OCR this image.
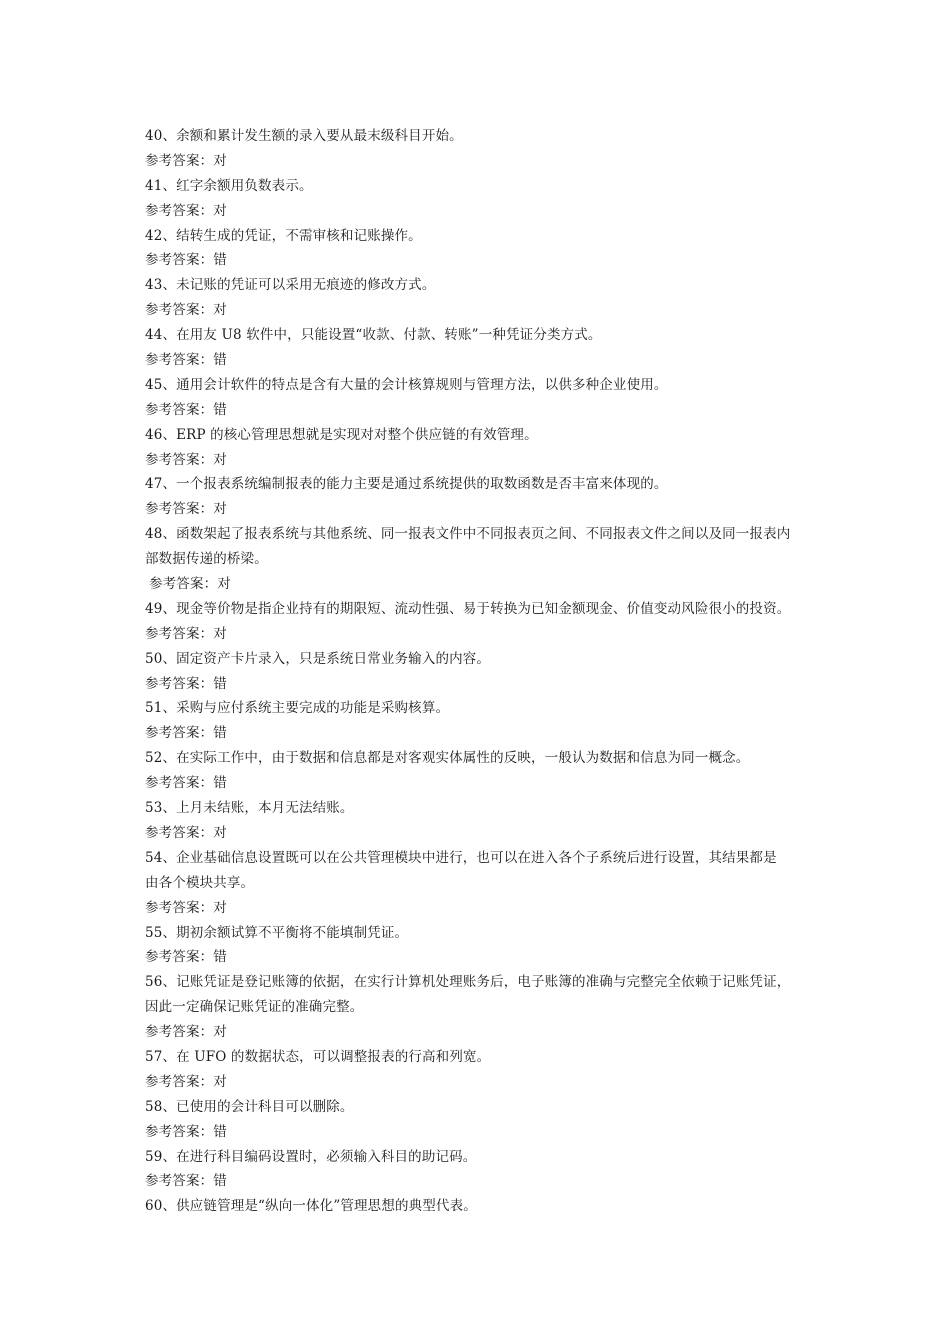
40、余额和累计发生额的录入要从最末级科目开始。
参考答案：对
41、红字余额用负数表示。
参考答案：对
42、结转生成的凭证，不需审核和记账操作。
参考答案：错
43、未记账的凭证可以采用无痕迹的修改方式。
参考答案：对
44、在用友 U8 软件中，只能设置“收款、付款、转账”一种凭证分类方式。
参考答案：错
45、通用会计软件的特点是含有大量的会计核算规则与管理方法，以供多种企业使用。
参考答案：错
46、ERP 的核心管理思想就是实现对对整个供应链的有效管理。
参考答案：对
47、一个报表系统编制报表的能力主要是通过系统提供的取数函数是否丰富来体现的。
参考答案：对
48、函数架起了报表系统与其他系统、同一报表文件中不同报表页之间、不同报表文件之间以及同一报表内
部数据传递的桥梁。
参考答案：对
49、现金等价物是指企业持有的期限短、流动性强、易于转换为已知金额现金、价值变动风险很小的投资。
参考答案：对
50、固定资产卡片录入，只是系统日常业务输入的内容。
参考答案：错
51、采购与应付系统主要完成的功能是采购核算。
参考答案：错
52、在实际工作中，由于数据和信息都是对客观实体属性的反映，一般认为数据和信息为同一概念。
参考答案：错
53、上月未结账，本月无法结账。
参考答案：对
54、企业基础信息设置既可以在公共管理模块中进行，也可以在进入各个子系统后进行设置，其结果都是
由各个模块共享。
参考答案：对
55、期初余额试算不平衡将不能填制凭证。
参考答案：错
56、记账凭证是登记账簿的依据，在实行计算机处理账务后，电子账簿的准确与完整完全依赖于记账凭证，
因此一定确保记账凭证的准确完整。
参考答案：对
57、在 UFO 的数据状态，可以调整报表的行高和列宽。
参考答案：对
58、已使用的会计科目可以删除。
参考答案：错
59、在进行科目编码设置时，必须输入科目的助记码。
参考答案：错
60、供应链管理是“纵向一体化”管理思想的典型代表。
